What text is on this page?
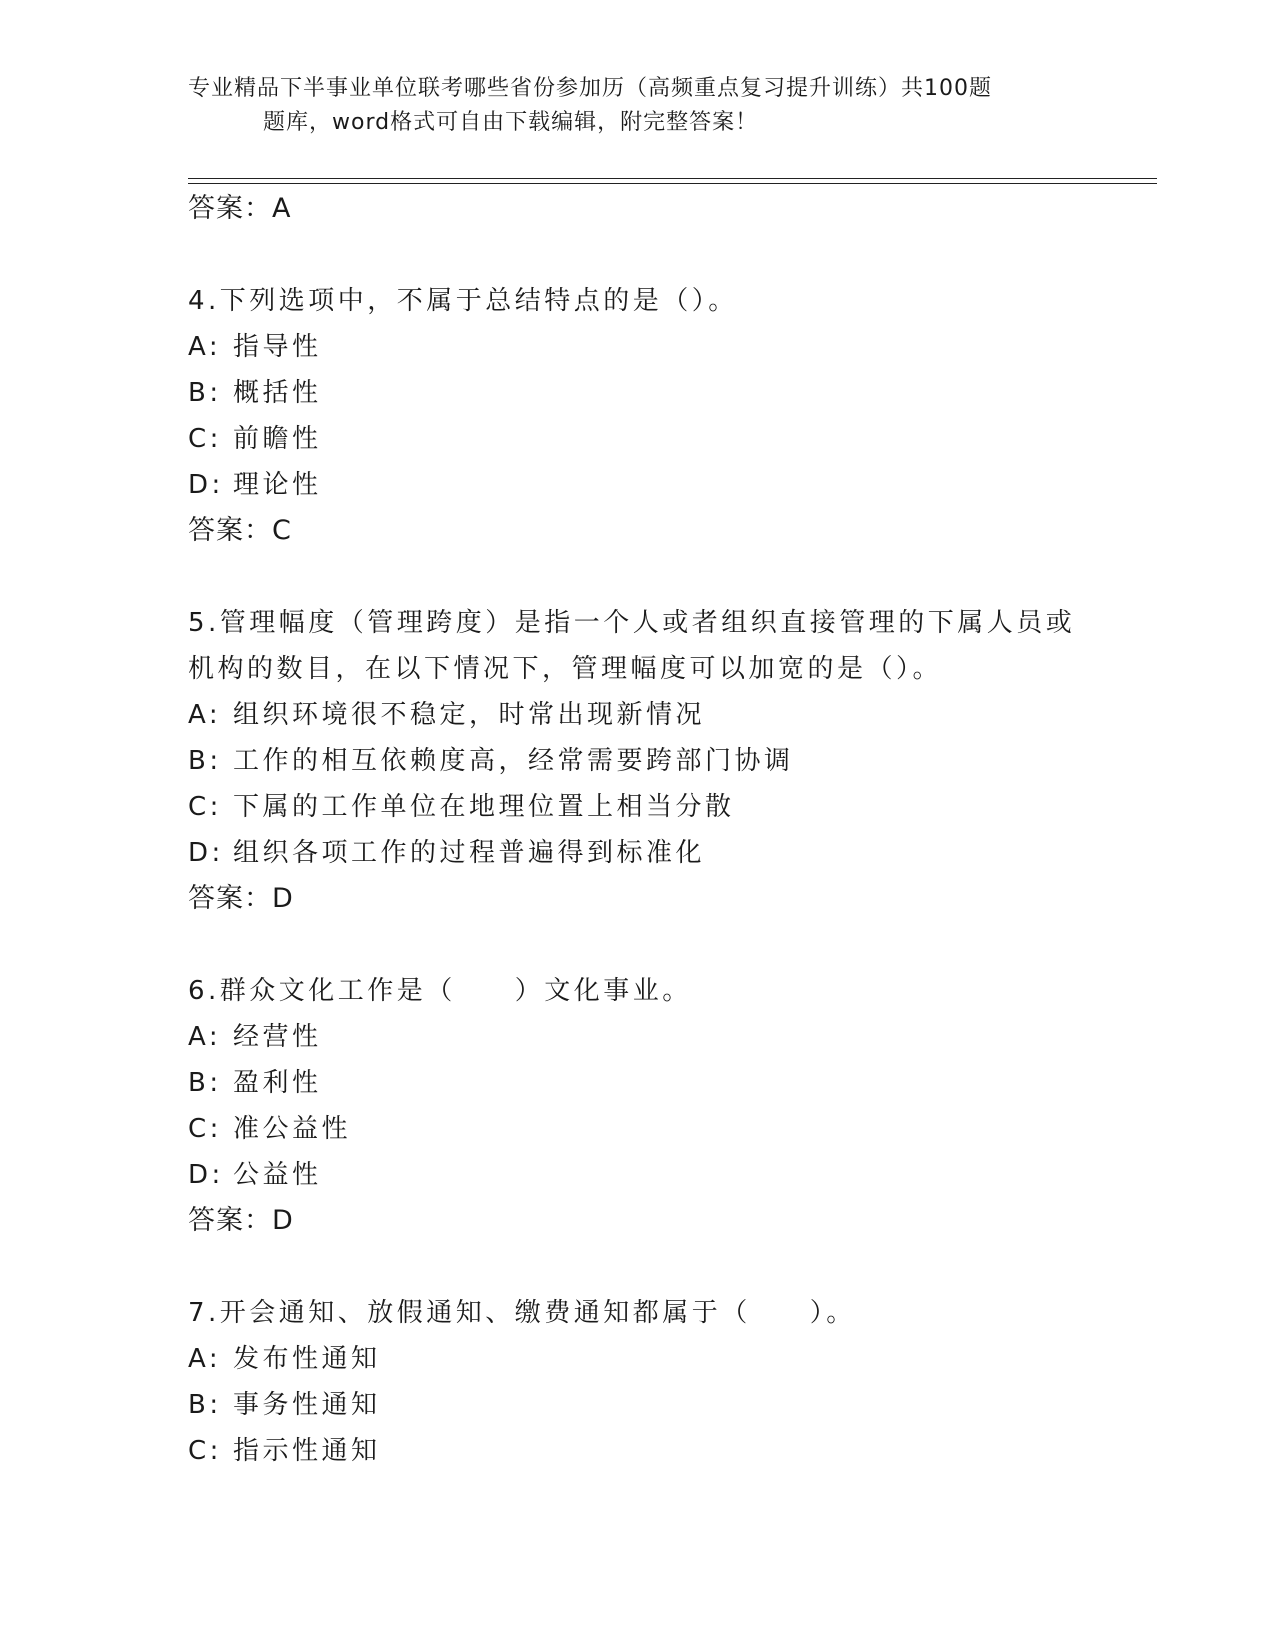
专业精品下半事业单位联考哪些省份参加历（高频重点复习提升训练）共100题
题库，word格式可自由下载编辑，附完整答案！
答案：A
4.下列选项中，不属于总结特点的是（）。
A: 指导性
B: 概括性
C: 前瞻性
D: 理论性
答案：C
5.管理幅度（管理跨度）是指一个人或者组织直接管理的下属人员或
机构的数目，在以下情况下，管理幅度可以加宽的是（）。
A: 组织环境很不稳定，时常出现新情况
B: 工作的相互依赖度高，经常需要跨部门协调
C: 下属的工作单位在地理位置上相当分散
D: 组织各项工作的过程普遍得到标准化
答案：D
6.群众文化工作是（　　）文化事业。
A: 经营性
B: 盈利性
C: 准公益性
D: 公益性
答案：D
7.开会通知、放假通知、缴费通知都属于（　　）。
A: 发布性通知
B: 事务性通知
C: 指示性通知
